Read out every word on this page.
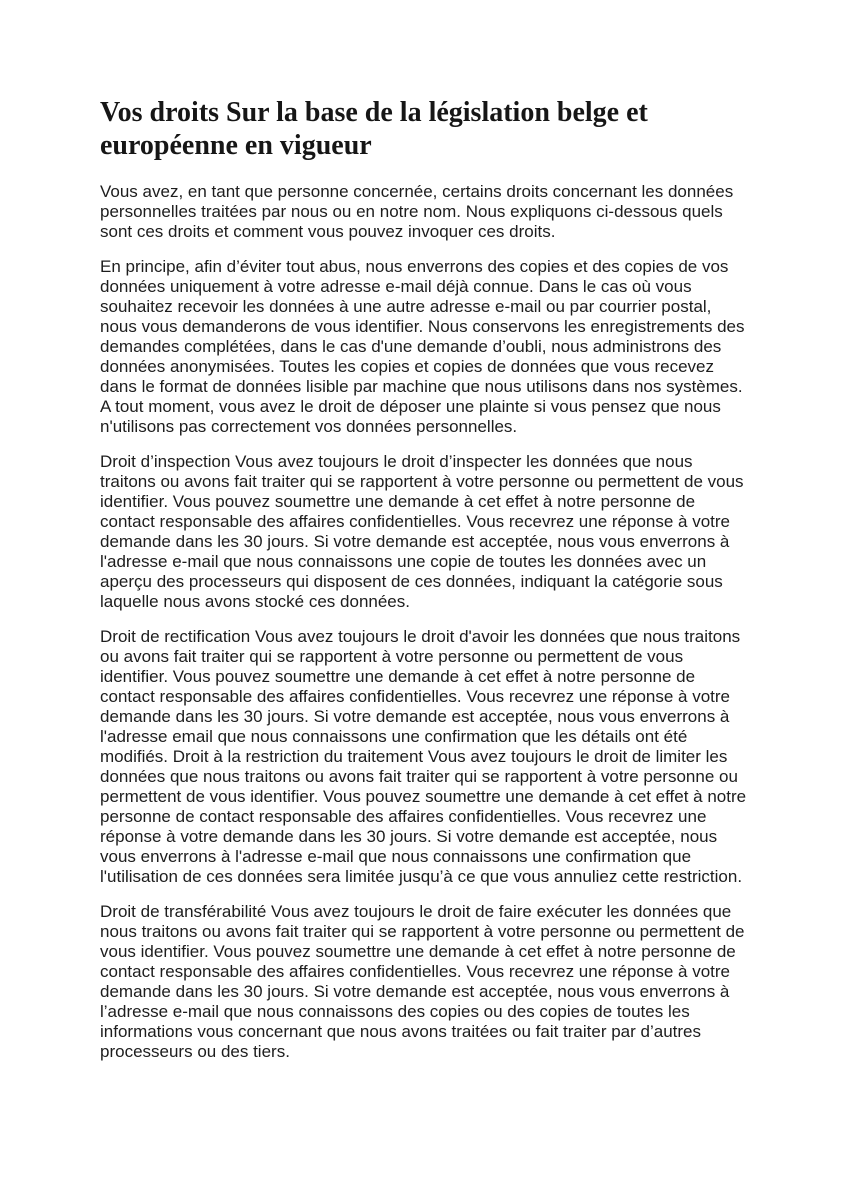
Vos droits Sur la base de la législation belge et européenne en vigueur

Vous avez, en tant que personne concernée, certains droits concernant les données personnelles traitées par nous ou en notre nom. Nous expliquons ci-dessous quels sont ces droits et comment vous pouvez invoquer ces droits.

En principe, afin d’éviter tout abus, nous enverrons des copies et des copies de vos données uniquement à votre adresse e-mail déjà connue. Dans le cas où vous souhaitez recevoir les données à une autre adresse e-mail ou par courrier postal, nous vous demanderons de vous identifier. Nous conservons les enregistrements des demandes complétées, dans le cas d'une demande d’oubli, nous administrons des données anonymisées. Toutes les copies et copies de données que vous recevez dans le format de données lisible par machine que nous utilisons dans nos systèmes. A tout moment, vous avez le droit de déposer une plainte si vous pensez que nous n'utilisons pas correctement vos données personnelles.

Droit d’inspection Vous avez toujours le droit d’inspecter les données que nous traitons ou avons fait traiter qui se rapportent à votre personne ou permettent de vous identifier. Vous pouvez soumettre une demande à cet effet à notre personne de contact responsable des affaires confidentielles. Vous recevrez une réponse à votre demande dans les 30 jours. Si votre demande est acceptée, nous vous enverrons à l'adresse e-mail que nous connaissons une copie de toutes les données avec un aperçu des processeurs qui disposent de ces données, indiquant la catégorie sous laquelle nous avons stocké ces données.

Droit de rectification Vous avez toujours le droit d'avoir les données que nous traitons ou avons fait traiter qui se rapportent à votre personne ou permettent de vous identifier. Vous pouvez soumettre une demande à cet effet à notre personne de contact responsable des affaires confidentielles. Vous recevrez une réponse à votre demande dans les 30 jours. Si votre demande est acceptée, nous vous enverrons à l'adresse email que nous connaissons une confirmation que les détails ont été modifiés. Droit à la restriction du traitement Vous avez toujours le droit de limiter les données que nous traitons ou avons fait traiter qui se rapportent à votre personne ou permettent de vous identifier. Vous pouvez soumettre une demande à cet effet à notre personne de contact responsable des affaires confidentielles. Vous recevrez une réponse à votre demande dans les 30 jours. Si votre demande est acceptée, nous vous enverrons à l'adresse e-mail que nous connaissons une confirmation que l'utilisation de ces données sera limitée jusqu’à ce que vous annuliez cette restriction.

Droit de transférabilité Vous avez toujours le droit de faire exécuter les données que nous traitons ou avons fait traiter qui se rapportent à votre personne ou permettent de vous identifier. Vous pouvez soumettre une demande à cet effet à notre personne de contact responsable des affaires confidentielles. Vous recevrez une réponse à votre demande dans les 30 jours. Si votre demande est acceptée, nous vous enverrons à l’adresse e-mail que nous connaissons des copies ou des copies de toutes les informations vous concernant que nous avons traitées ou fait traiter par d’autres processeurs ou des tiers.
